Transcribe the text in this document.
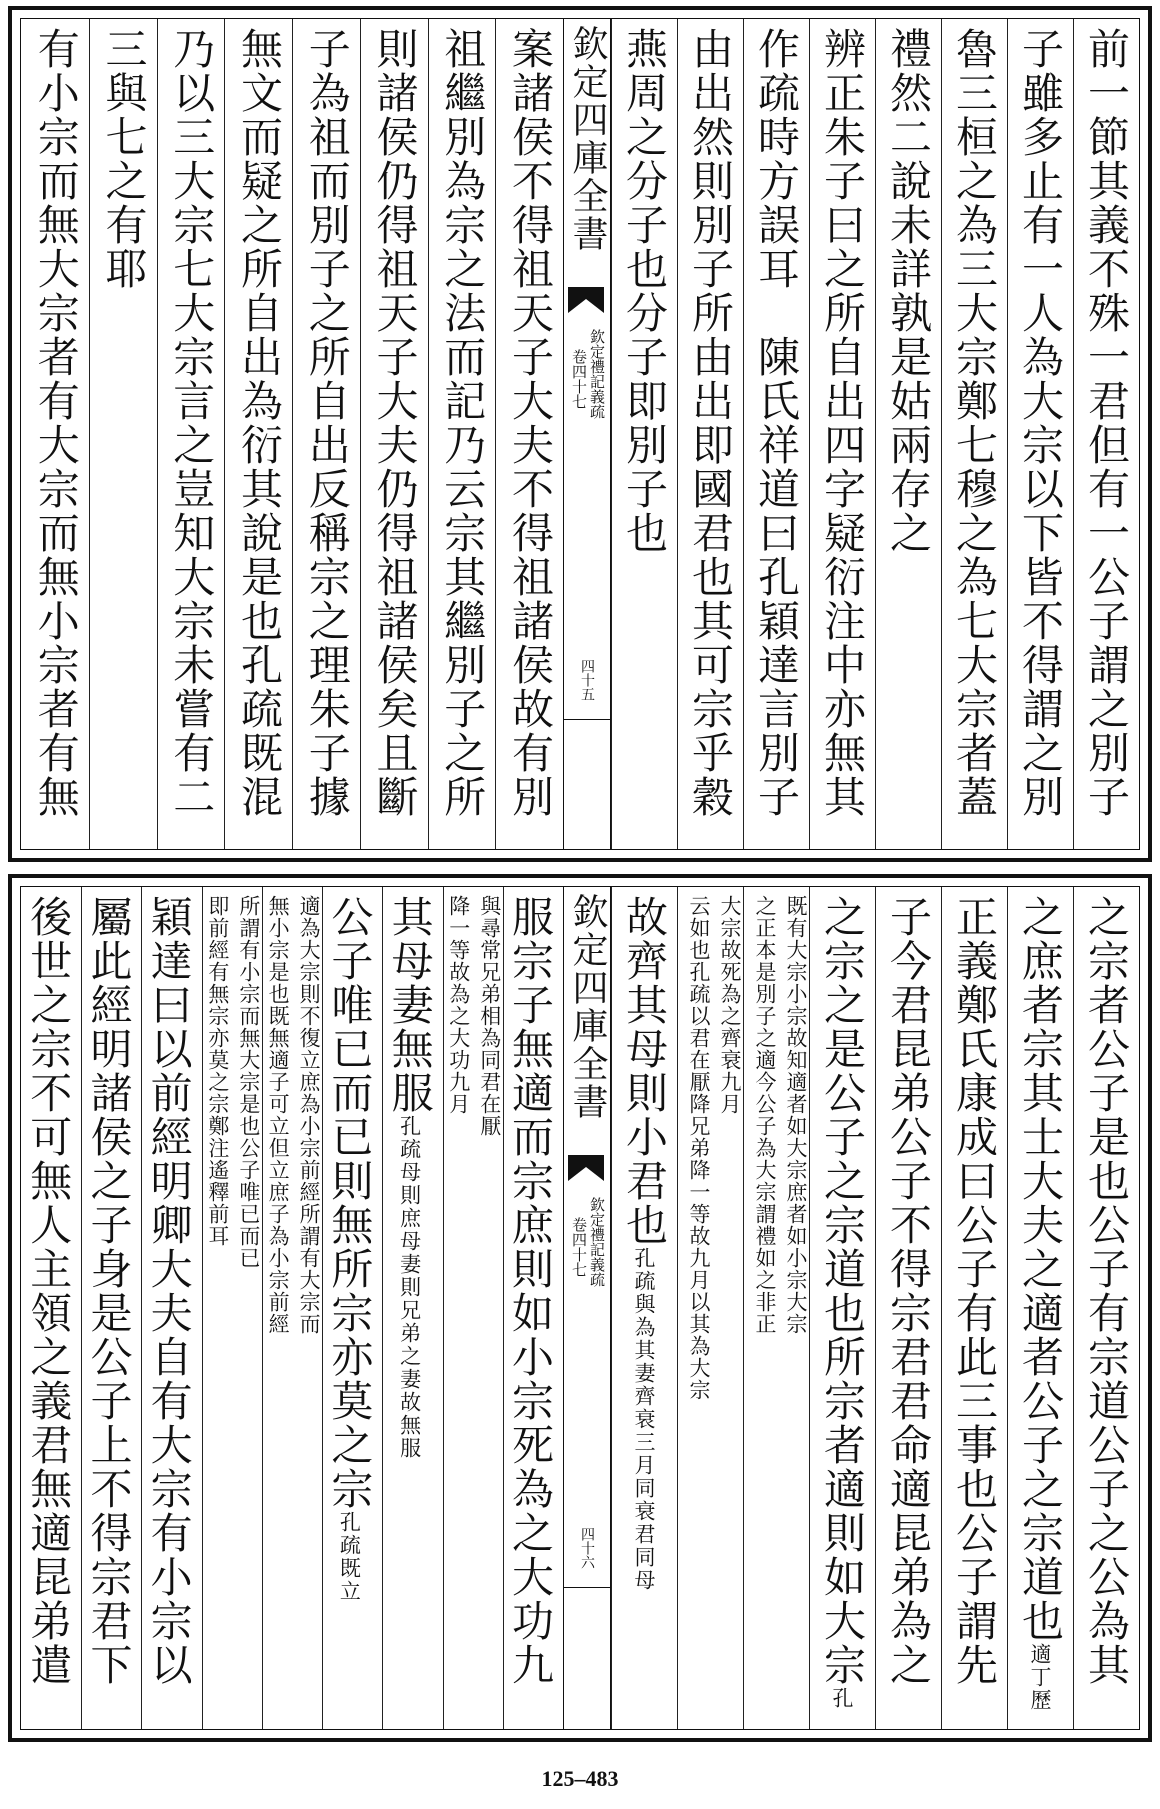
前一節其義不殊一君但有一公子謂之別子
子雖多止有一人為大宗以下皆不得謂之別
魯三桓之為三大宗鄭七穆之為七大宗者蓋
禮然二說未詳孰是姑兩存之
辨正朱子曰之所自出四字疑衍注中亦無其
作疏時方誤耳　陳氏祥道曰孔穎達言別子
由出然則別子所由出即國君也其可宗乎穀
燕周之分子也分子即別子也
欽定四庫全書
欽定禮記義疏
卷四十七
四十五
案諸侯不得祖天子大夫不得祖諸侯故有別
祖繼別為宗之法而記乃云宗其繼別子之所
則諸侯仍得祖天子大夫仍得祖諸侯矣且斷
子為祖而別子之所自出反稱宗之理朱子據
無文而疑之所自出為衍其說是也孔疏既混
乃以三大宗七大宗言之豈知大宗未嘗有二
三與七之有耶
有小宗而無大宗者有大宗而無小宗者有無
之宗者公子是也公子有宗道公子之公為其
之庶者宗其士大夫之適者公子之宗道也適丁歷
正義鄭氏康成曰公子有此三事也公子謂先
子今君昆弟公子不得宗君君命適昆弟為之
之宗之是公子之宗道也所宗者適則如大宗孔
既有大宗小宗故知適者如大宗庶者如小宗大宗
之正本是別子之適今公子為大宗謂禮如之非正
大宗故死為之齊衰九月
云如也孔疏以君在厭降兄弟降一等故九月以其為大宗
故齊其母則小君也孔疏與為其妻齊衰三月同衰君同母
欽定四庫全書
欽定禮記義疏
卷四十七
四十六
服宗子無適而宗庶則如小宗死為之大功九
與尋常兄弟相為同君在厭
降一等故為之大功九月
其母妻無服孔疏母則庶母妻則兄弟之妻故無服
公子唯已而已則無所宗亦莫之宗孔疏既立
適為大宗則不復立庶為小宗前經所謂有大宗而
無小宗是也既無適子可立但立庶子為小宗前經
所謂有小宗而無大宗是也公子唯已而已
即前經有無宗亦莫之宗鄭注遙釋前耳
穎達曰以前經明卿大夫自有大宗有小宗以
屬此經明諸侯之子身是公子上不得宗君下
後世之宗不可無人主領之義君無適昆弟遣
125–483
